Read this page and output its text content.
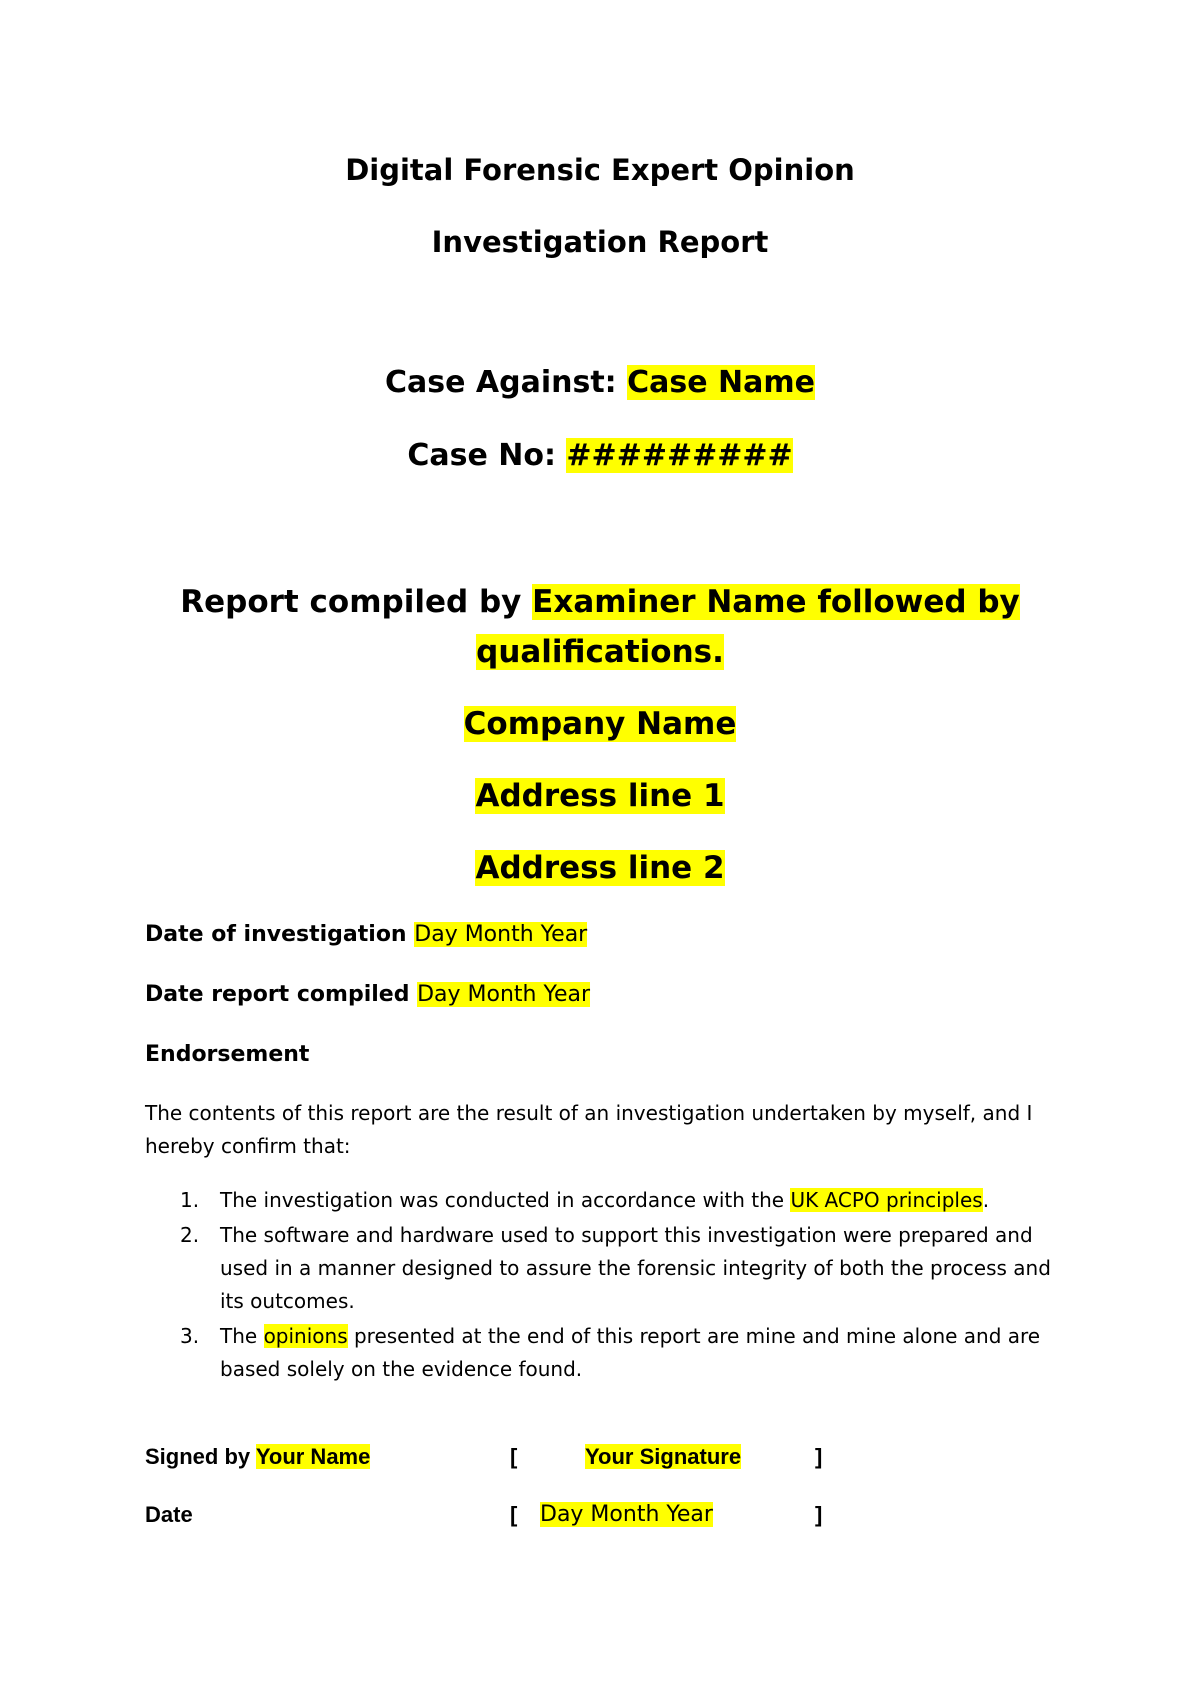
Digital Forensic Expert Opinion
Investigation Report
Case Against: Case Name
Case No: #########
Report compiled by Examiner Name followed by
qualifications.
Company Name
Address line 1
Address line 2
Date of investigation Day Month Year
Date report compiled Day Month Year
Endorsement
The contents of this report are the result of an investigation undertaken by myself, and I
hereby confirm that:
1. The investigation was conducted in accordance with the UK ACPO principles.
2. The software and hardware used to support this investigation were prepared and
used in a manner designed to assure the forensic integrity of both the process and
its outcomes.
3. The opinions presented at the end of this report are mine and mine alone and are
based solely on the evidence found.
Signed by Your Name	[	Your Signature	]
Date	[ Day Month Year	]
